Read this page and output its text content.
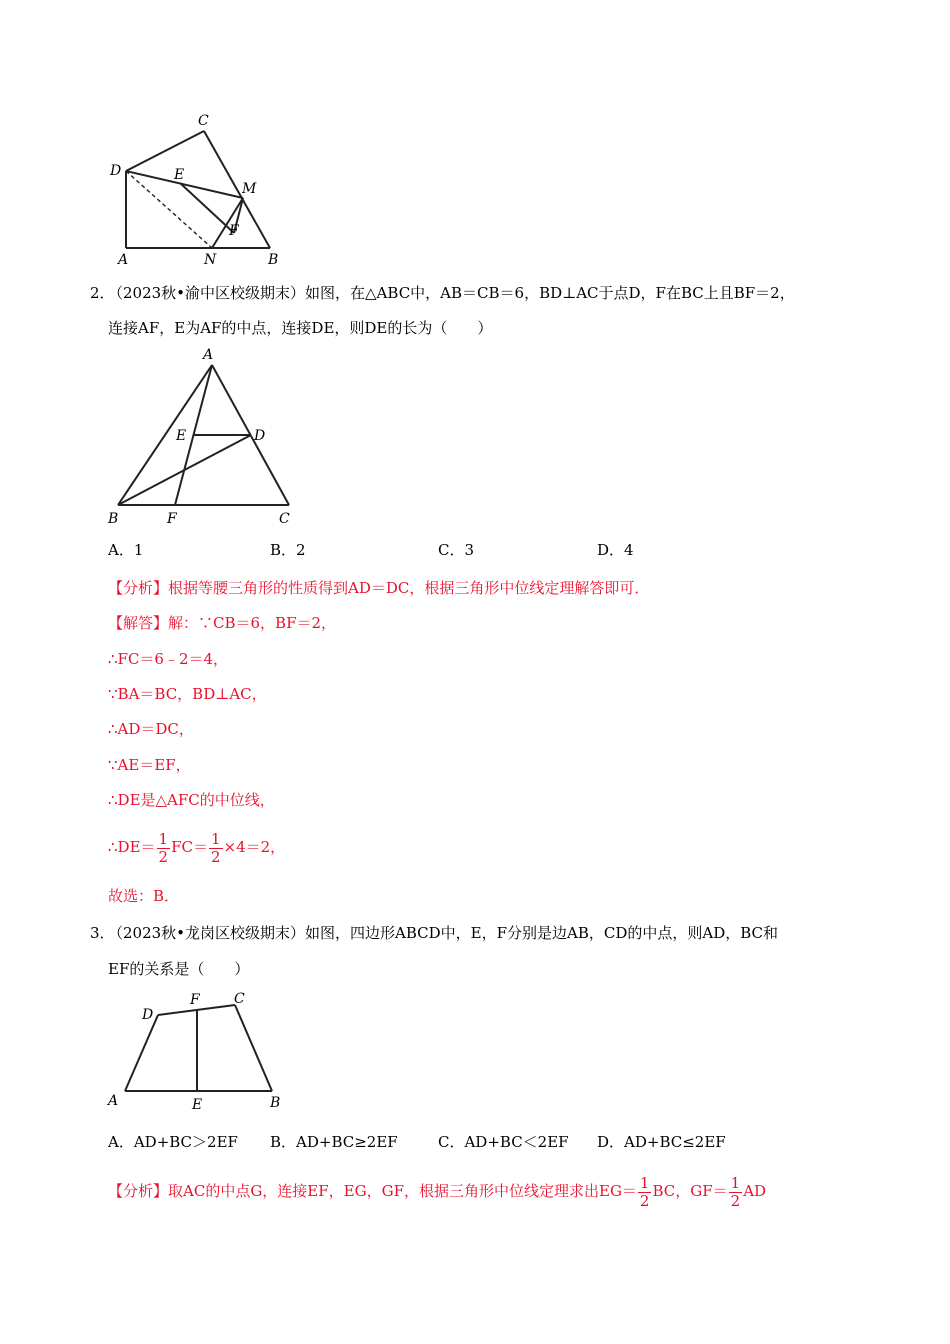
C
D	E
M
F
A	N	B
2．
（2023秋•渝中区校级期末）如图，在△ABC中，AB＝CB＝6，BD⊥AC于点D，F在BC上且BF＝2，
连接AF，E为AF的中点，连接DE，则DE的长为（　　）
A
E	D
B	F	C
A．1	B．2	C．3	D．4
【分析】根据等腰三角形的性质得到AD＝DC，根据三角形中位线定理解答即可．
【解答】解：∵CB＝6，BF＝2，
∴FC＝6﹣2＝4，
∵BA＝BC，BD⊥AC，
∴AD＝DC，
∵AE＝EF，
∴DE是△AFC的中位线，
∴DE＝ $\frac{1}{2} FC= \frac{1}{2} \times 4=2$，
故选：B．
3．
（2023秋•龙岗区校级期末）如图，四边形ABCD中，E，F分别是边AB，CD的中点，则AD，BC和
EF的关系是（　　）
D
F C
A	E	B
A．AD+BC＞2EF B．AD+BC≥2EF	C．AD+BC＜2EF D．AD+BC≤2EF
【分析】取AC的中点G，连接EF，EG，GF，根据三角形中位线定理求出$EG= \frac{1}{2}$ BC，$GF= \frac{1}{2}$ AD
